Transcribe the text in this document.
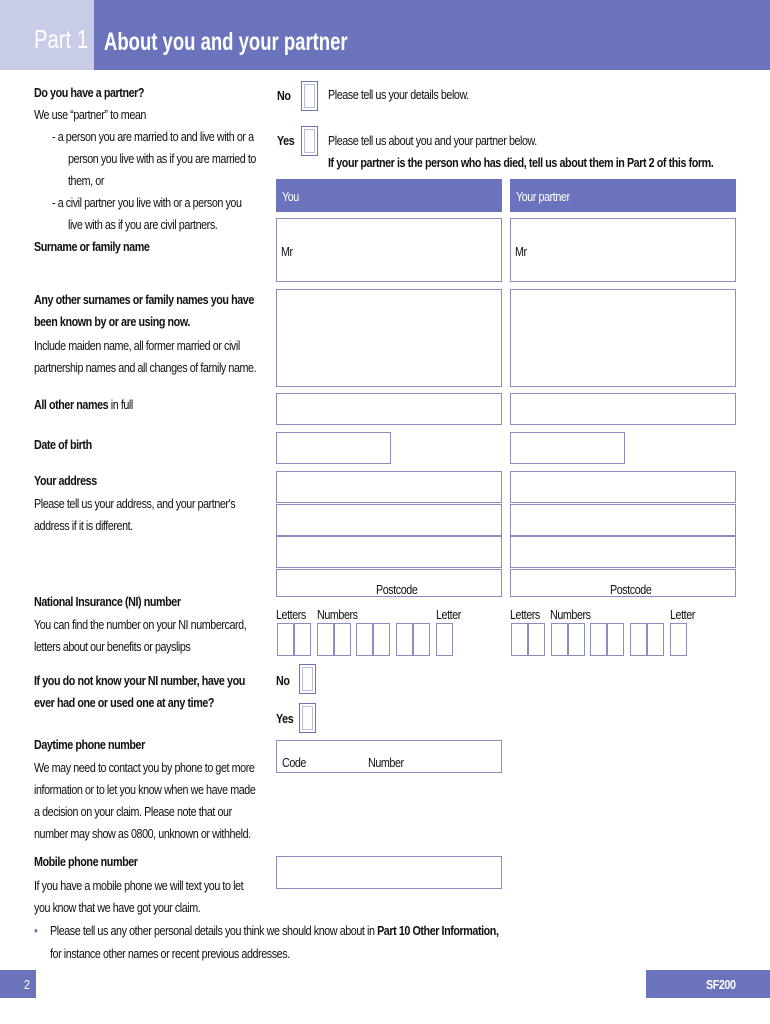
Part 1 About you and your partner
Do you have a partner?
We use “partner” to mean
- a person you are married to and live with or a
person you live with as if you are married to
them, or
- a civil partner you live with or a person you
live with as if you are civil partners.
No	Please tell us your details below.
Yes	Please tell us about you and your partner below.
If your partner is the person who has died, tell us about them in Part 2 of this form.
You	Your partner
Surname or family name	Mr	Mr
Any other surnames or family names you have
been known by or are using now.
Include maiden name, all former married or civil
partnership names and all changes of family name.
All other names in full
Date of birth
Your address
Please tell us your address, and your partner's
address if it is different.
Postcode	Postcode
National Insurance (NI) number
You can find the number on your NI numbercard,
letters about our benefits or payslips
Letters Numbers	Letter	Letters Numbers	Letter
If you do not know your NI number, have you
ever had one or used one at any time?
No
Yes
Daytime phone number
We may need to contact you by phone to get more
information or to let you know when we have made
a decision on your claim. Please note that our
number may show as 0800, unknown or withheld.
Code	Number
Mobile phone number
If you have a mobile phone we will text you to let
you know that we have got your claim.
• Please tell us any other personal details you think we should know about in Part 10 Other Information,
for instance other names or recent previous addresses.
2	SF200
